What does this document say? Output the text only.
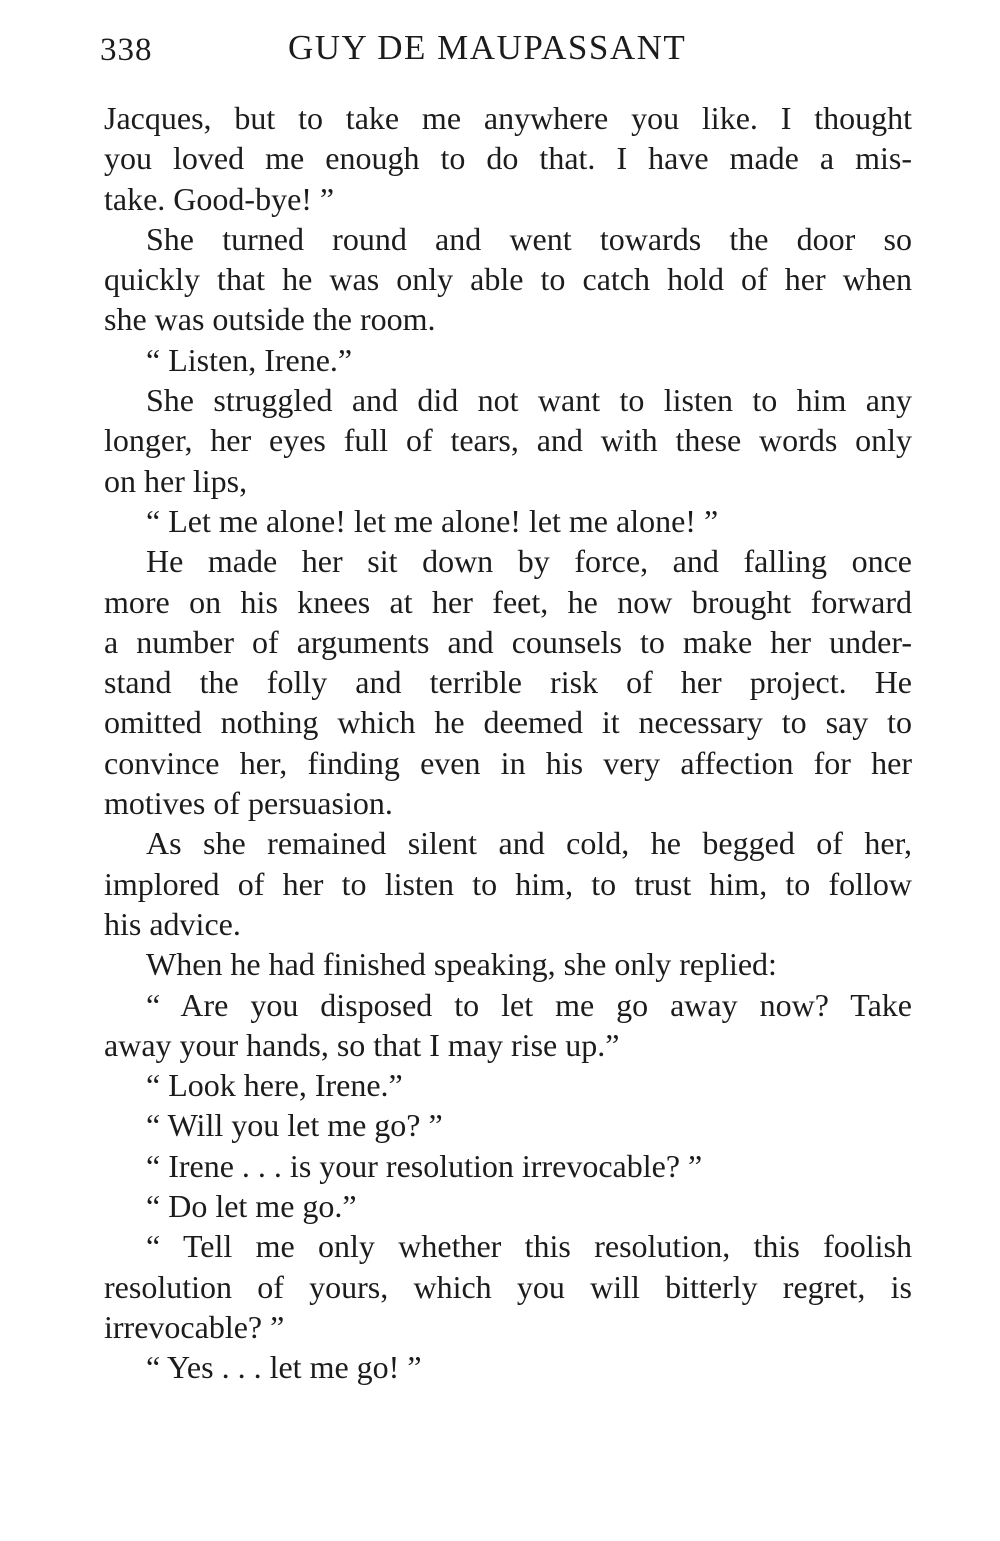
338	GUY DE MAUPASSANT
Jacques, but to take me anywhere you like. I thought
you loved me enough to do that. I have made a mis-
take. Good-bye! ”
She turned round and went towards the door so
quickly that he was only able to catch hold of her when
she was outside the room.
“ Listen, Irene.”
She struggled and did not want to listen to him any
longer, her eyes full of tears, and with these words only
on her lips,
“ Let me alone! let me alone! let me alone! ”
He made her sit down by force, and falling once
more on his knees at her feet, he now brought forward
a number of arguments and counsels to make her under-
stand the folly and terrible risk of her project. He
omitted nothing which he deemed it necessary to say to
convince her, finding even in his very affection for her
motives of persuasion.
As she remained silent and cold, he begged of her,
implored of her to listen to him, to trust him, to follow
his advice.
When he had finished speaking, she only replied:
“ Are you disposed to let me go away now? Take
away your hands, so that I may rise up.”
“ Look here, Irene.”
“ Will you let me go? ”
“ Irene . . . is your resolution irrevocable? ”
“ Do let me go.”
“ Tell me only whether this resolution, this foolish
resolution of yours, which you will bitterly regret, is
irrevocable? ”
“ Yes . . . let me go! ”
